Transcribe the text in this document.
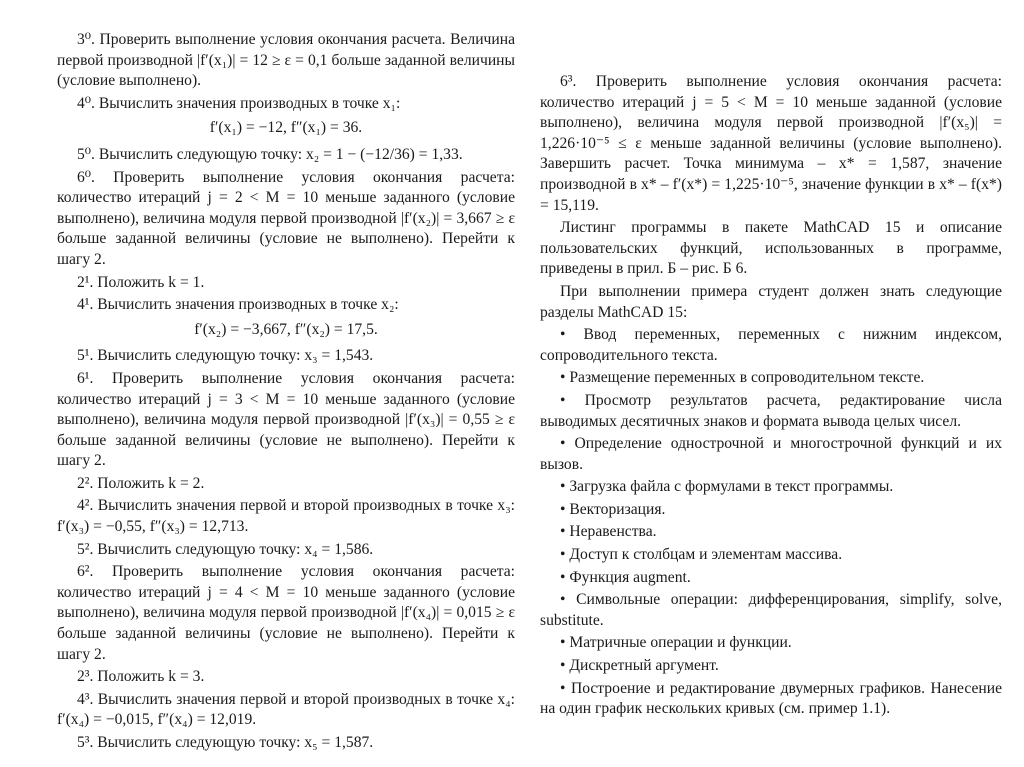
3⁰. Проверить выполнение условия окончания расчета. Величина первой производной |f′(x₁)| = 12 ≥ ε = 0,1 больше заданной величины (условие выполнено).
4⁰. Вычислить значения производных в точке x₁:
f′(x₁) = −12, f″(x₁) = 36.
5⁰. Вычислить следующую точку: x₂ = 1 − (−12/36) = 1,33.
6⁰. Проверить выполнение условия окончания расчета: количество итераций j = 2 < M = 10 меньше заданного (условие выполнено), величина модуля первой производной |f′(x₂)| = 3,667 ≥ ε больше заданной величины (условие не выполнено). Перейти к шагу 2.
2¹. Положить k = 1.
4¹. Вычислить значения производных в точке x₂:
f′(x₂) = −3,667, f″(x₂) = 17,5.
5¹. Вычислить следующую точку: x₃ = 1,543.
6¹. Проверить выполнение условия окончания расчета: количество итераций j = 3 < M = 10 меньше заданного (условие выполнено), величина модуля первой производной |f′(x₃)| = 0,55 ≥ ε больше заданной величины (условие не выполнено). Перейти к шагу 2.
2². Положить k = 2.
4². Вычислить значения первой и второй производных в точке x₃: f′(x₃) = −0,55, f″(x₃) = 12,713.
5². Вычислить следующую точку: x₄ = 1,586.
6². Проверить выполнение условия окончания расчета: количество итераций j = 4 < M = 10 меньше заданного (условие выполнено), величина модуля первой производной |f′(x₄)| = 0,015 ≥ ε больше заданной величины (условие не выполнено). Перейти к шагу 2.
2³. Положить k = 3.
4³. Вычислить значения первой и второй производных в точке x₄: f′(x₄) = −0,015, f″(x₄) = 12,019.
5³. Вычислить следующую точку: x₅ = 1,587.
6³. Проверить выполнение условия окончания расчета: количество итераций j = 5 < M = 10 меньше заданной (условие выполнено), величина модуля первой производной |f′(x₅)| = 1,226·10⁻⁵ ≤ ε меньше заданной величины (условие выполнено). Завершить расчет. Точка минимума – x* = 1,587, значение производной в x* – f′(x*) = 1,225·10⁻⁵, значение функции в x* – f(x*) = 15,119.
Листинг программы в пакете MathCAD 15 и описание пользовательских функций, использованных в программе, приведены в прил. Б – рис. Б 6.
При выполнении примера студент должен знать следующие разделы MathCAD 15:
• Ввод переменных, переменных с нижним индексом, сопроводительного текста.
• Размещение переменных в сопроводительном тексте.
• Просмотр результатов расчета, редактирование числа выводимых десятичных знаков и формата вывода целых чисел.
• Определение однострочной и многострочной функций и их вызов.
• Загрузка файла с формулами в текст программы.
• Векторизация.
• Неравенства.
• Доступ к столбцам и элементам массива.
• Функция augment.
• Символьные операции: дифференцирования, simplify, solve, substitute.
• Матричные операции и функции.
• Дискретный аргумент.
• Построение и редактирование двумерных графиков. Нанесение на один график нескольких кривых (см. пример 1.1).
